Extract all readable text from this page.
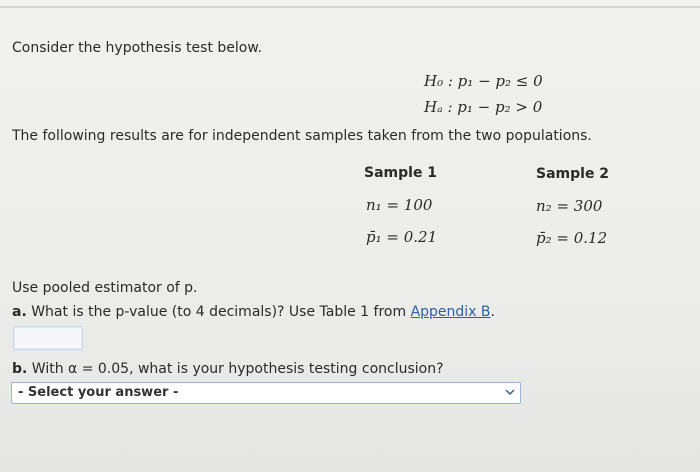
Consider the hypothesis test below.
H₀ : p₁ − p₂ ≤ 0
Hₐ : p₁ − p₂ > 0
The following results are for independent samples taken from the two populations.
Sample 1	Sample 2
n₁ = 100	n₂ = 300
p̄₁ = 0.21	p̄₂ = 0.12
Use pooled estimator of p.
a. What is the p-value (to 4 decimals)? Use Table 1 from Appendix B.
b. With α = 0.05, what is your hypothesis testing conclusion?
- Select your answer -
